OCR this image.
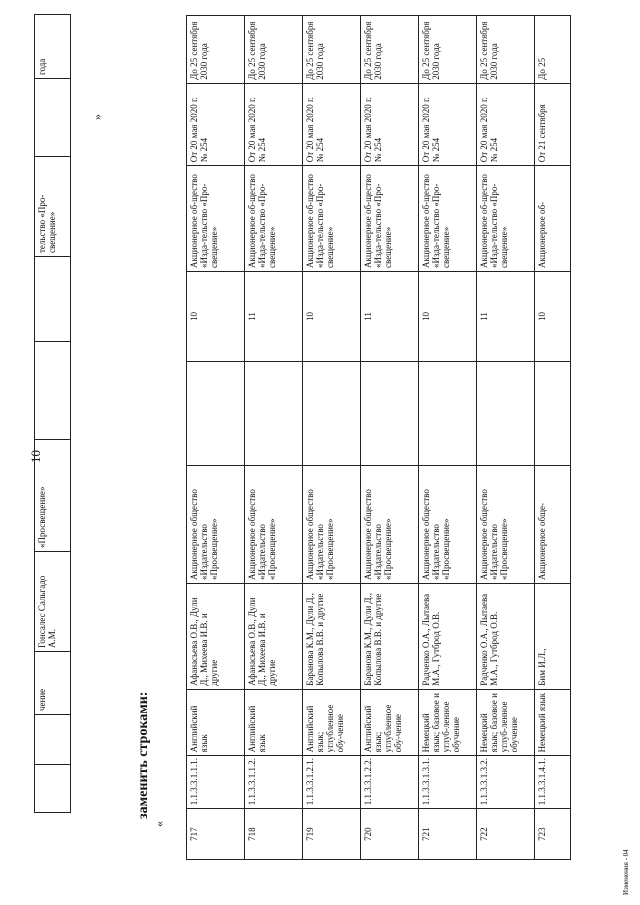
10
Изменения - 04
		чение	Гонсалес Сальгадо А.М.	«Просвещение»			тельство «Про-свещение»		года
»
заменить строками:
«
717	1.1.3.3.1.1.1.	Английский язык	Афанасьева О.В., Дули Д., Михеева И.В. и другие	Акционерное общество «Издательство «Просвещение»		10	Акционерное об-щество «Изда-тельство «Про-свещение»	От 20 мая 2020 г. № 254	До 25 сентября 2030 года
718	1.1.3.3.1.1.2.	Английский язык	Афанасьева О.В., Дули Д., Михеева И.В. и другие	Акционерное общество «Издательство «Просвещение»		11	Акционерное об-щество «Изда-тельство «Про-свещение»	От 20 мая 2020 г. № 254	До 25 сентября 2030 года
719	1.1.3.3.1.2.1.	Английский язык; углубленное обу-чение	Баранова К.М., Дули Д., Копылова В.В. и другие	Акционерное общество «Издательство «Просвещение»		10	Акционерное об-щество «Изда-тельство «Про-свещение»	От 20 мая 2020 г. № 254	До 25 сентября 2030 года
720	1.1.3.3.1.2.2.	Английский язык; углубленное обу-чение	Баранова К.М., Дули Д., Копылова В.В. и другие	Акционерное общество «Издательство «Просвещение»		11	Акционерное об-щество «Изда-тельство «Про-свещение»	От 20 мая 2020 г. № 254	До 25 сентября 2030 года
721	1.1.3.3.1.3.1.	Немецкий язык; базовое и углуб-ленное обучение	Радченко О.А., Лытаева М.А., Гутброд О.В.	Акционерное общество «Издательство «Просвещение»		10	Акционерное об-щество «Изда-тельство «Про-свещение»	От 20 мая 2020 г. № 254	До 25 сентября 2030 года
722	1.1.3.3.1.3.2.	Немецкий язык; базовое и углуб-ленное обучение	Радченко О.А., Лытаева М.А., Гутброд О.В.	Акционерное общество «Издательство «Просвещение»		11	Акционерное об-щество «Изда-тельство «Про-свещение»	От 20 мая 2020 г. № 254	До 25 сентября 2030 года
723	1.1.3.3.1.4.1.	Немецкий язык	Бим И.Л.,	Акционерное обще-		10	Акционерное об-	От 21 сентября	До 25
